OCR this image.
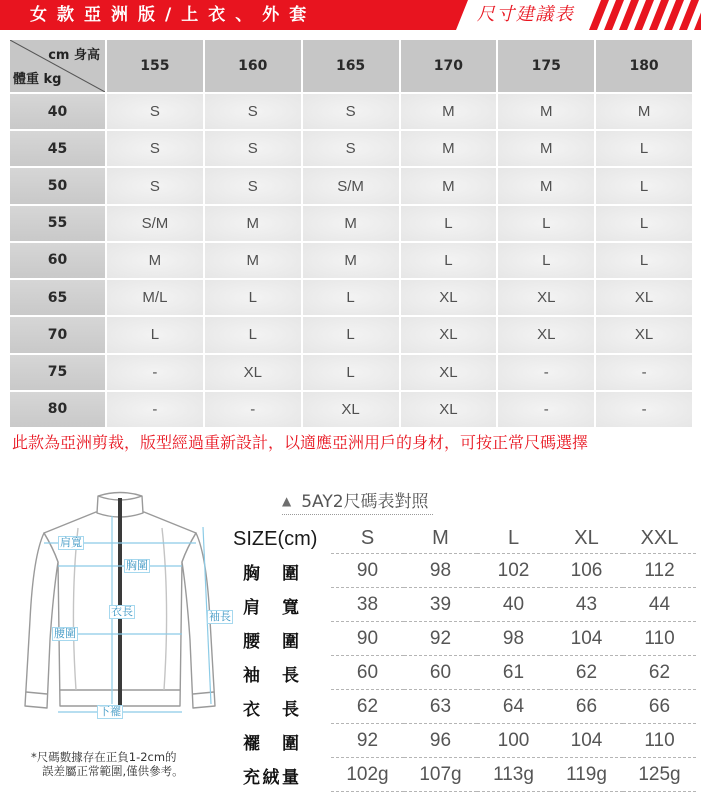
女款亞洲版/上衣、外套	尺寸建議表
cm 身高
體重 kg
155	160	165	170	175	180
40	S	S	S	M	M	M
45	S	S	S	M	M	L
50	S	S	S/M	M	M	L
55	S/M	M	M	L	L	L
60	M	M	M	L	L	L
65	M/L	L	L	XL	XL	XL
70	L	L	L	XL	XL	XL
75	-	XL	L	XL	-	-
80	-	-	XL	XL	-	-
此款為亞洲剪裁，版型經過重新設計，以適應亞洲用戶的身材，可按正常尺碼選擇
肩寬
胸圍
衣長	袖長
腰圍
下襬
*尺碼數據存在正負1-2cm的
誤差屬正常範圍,僅供參考。
▲ 5AY2尺碼表對照
SIZE(cm)	S	M	L	XL	XXL
胸圍	90	98	102	106	112
肩寬	38	39	40	43	44
腰圍	90	92	98	104	110
袖長	60	60	61	62	62
衣長	62	63	64	66	66
襬圍	92	96	100	104	110
充絨量	102g	107g	113g	119g	125g
